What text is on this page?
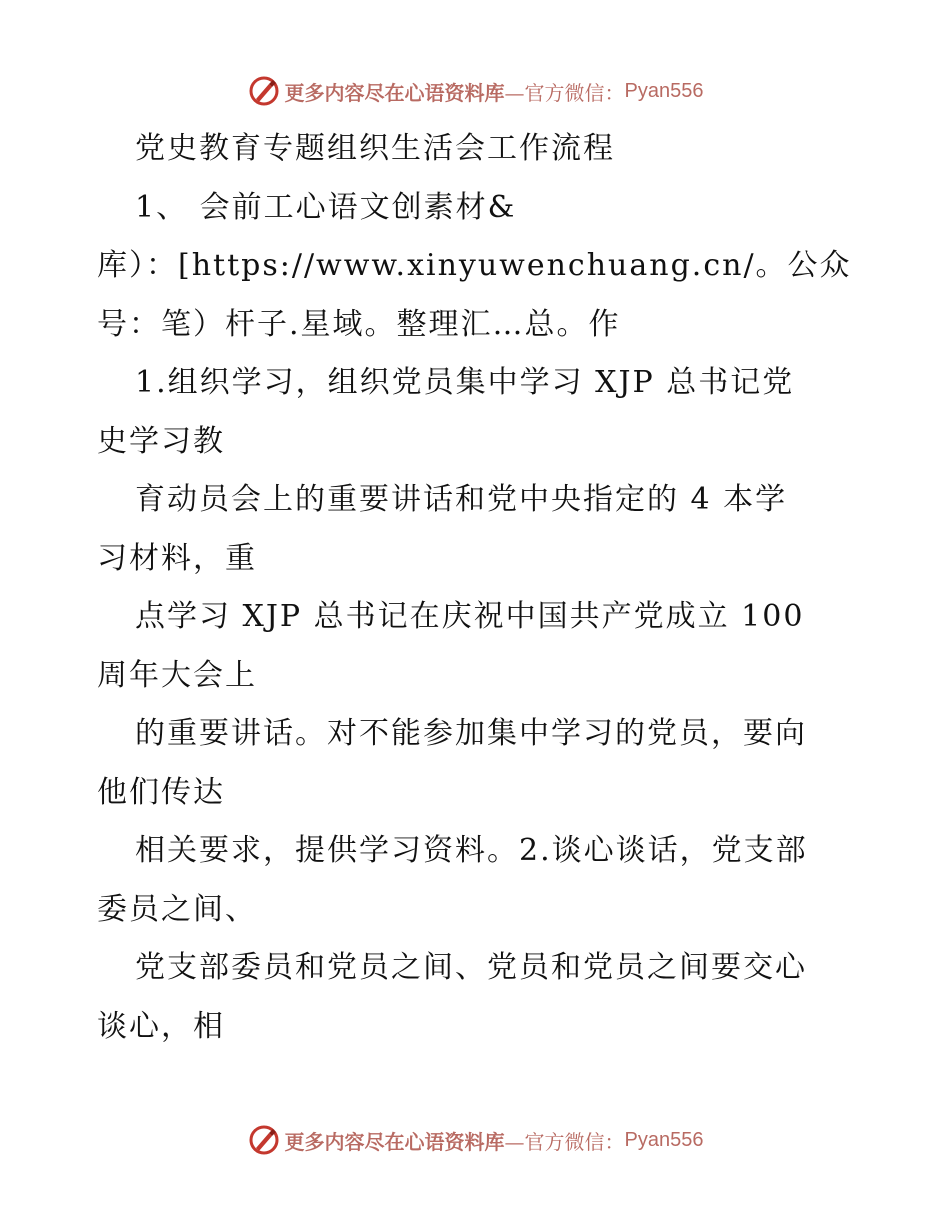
更多内容尽在心语资料库 —官方微信： Pyan556
党史教育专题组织生活会工作流程
1、 会前工心语文创素材&
库）：[https://www.xinyuwenchuang.cn/。公众
号：笔）杆子.星域。整理汇…总。作
1.组织学习，组织党员集中学习 XJP 总书记党
史学习教
育动员会上的重要讲话和党中央指定的 4 本学
习材料，重
点学习 XJP 总书记在庆祝中国共产党成立 100
周年大会上
的重要讲话。对不能参加集中学习的党员，要向
他们传达
相关要求，提供学习资料。2.谈心谈话，党支部
委员之间、
党支部委员和党员之间、党员和党员之间要交心
谈心，相
更多内容尽在心语资料库 —官方微信： Pyan556
